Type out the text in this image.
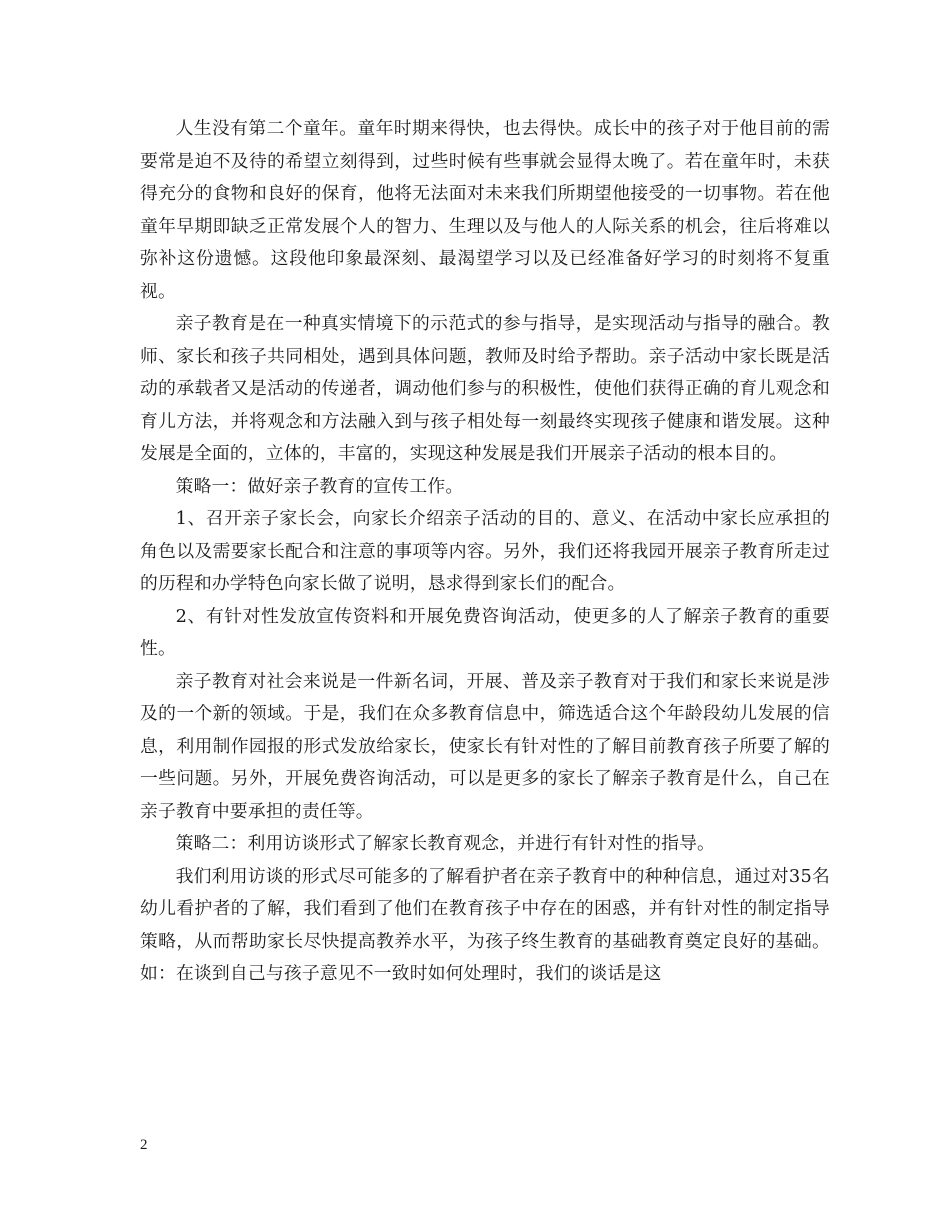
人生没有第二个童年。童年时期来得快，也去得快。成长中的孩子对于他目前的需要常是迫不及待的希望立刻得到，过些时候有些事就会显得太晚了。若在童年时，未获得充分的食物和良好的保育，他将无法面对未来我们所期望他接受的一切事物。若在他童年早期即缺乏正常发展个人的智力、生理以及与他人的人际关系的机会，往后将难以弥补这份遗憾。这段他印象最深刻、最渴望学习以及已经准备好学习的时刻将不复重视。

亲子教育是在一种真实情境下的示范式的参与指导，是实现活动与指导的融合。教师、家长和孩子共同相处，遇到具体问题，教师及时给予帮助。亲子活动中家长既是活动的承载者又是活动的传递者，调动他们参与的积极性，使他们获得正确的育儿观念和育儿方法，并将观念和方法融入到与孩子相处每一刻最终实现孩子健康和谐发展。这种发展是全面的，立体的，丰富的，实现这种发展是我们开展亲子活动的根本目的。

策略一：做好亲子教育的宣传工作。

1、召开亲子家长会，向家长介绍亲子活动的目的、意义、在活动中家长应承担的角色以及需要家长配合和注意的事项等内容。另外，我们还将我园开展亲子教育所走过的历程和办学特色向家长做了说明，恳求得到家长们的配合。

2、有针对性发放宣传资料和开展免费咨询活动，使更多的人了解亲子教育的重要性。

亲子教育对社会来说是一件新名词，开展、普及亲子教育对于我们和家长来说是涉及的一个新的领域。于是，我们在众多教育信息中，筛选适合这个年龄段幼儿发展的信息，利用制作园报的形式发放给家长，使家长有针对性的了解目前教育孩子所要了解的一些问题。另外，开展免费咨询活动，可以是更多的家长了解亲子教育是什么，自己在亲子教育中要承担的责任等。

策略二：利用访谈形式了解家长教育观念，并进行有针对性的指导。

我们利用访谈的形式尽可能多的了解看护者在亲子教育中的种种信息，通过对35名幼儿看护者的了解，我们看到了他们在教育孩子中存在的困惑，并有针对性的制定指导策略，从而帮助家长尽快提高教养水平，为孩子终生教育的基础教育奠定良好的基础。如：在谈到自己与孩子意见不一致时如何处理时，我们的谈话是这

2
